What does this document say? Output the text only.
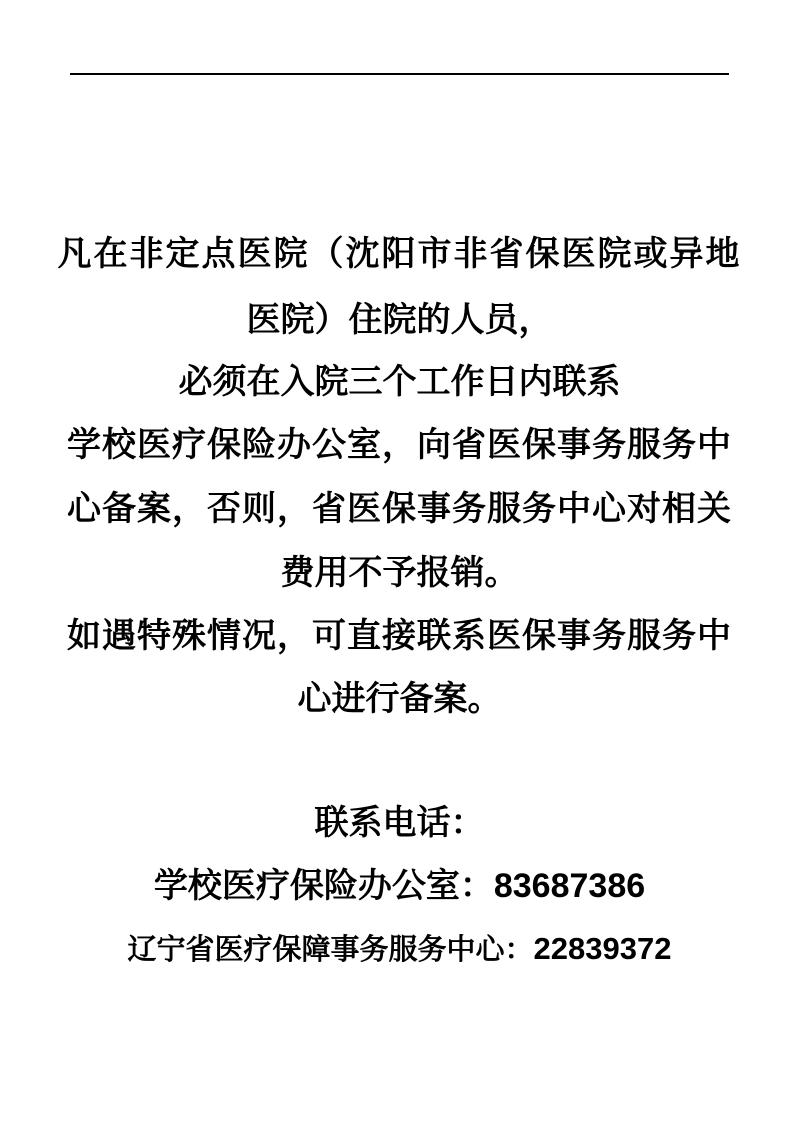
凡在非定点医院（沈阳市非省保医院或异地
医院）住院的人员，
必须在入院三个工作日内联系
学校医疗保险办公室，向省医保事务服务中
心备案，否则，省医保事务服务中心对相关
费用不予报销。
如遇特殊情况，可直接联系医保事务服务中
心进行备案。
联系电话：
学校医疗保险办公室：83687386
辽宁省医疗保障事务服务中心：22839372
